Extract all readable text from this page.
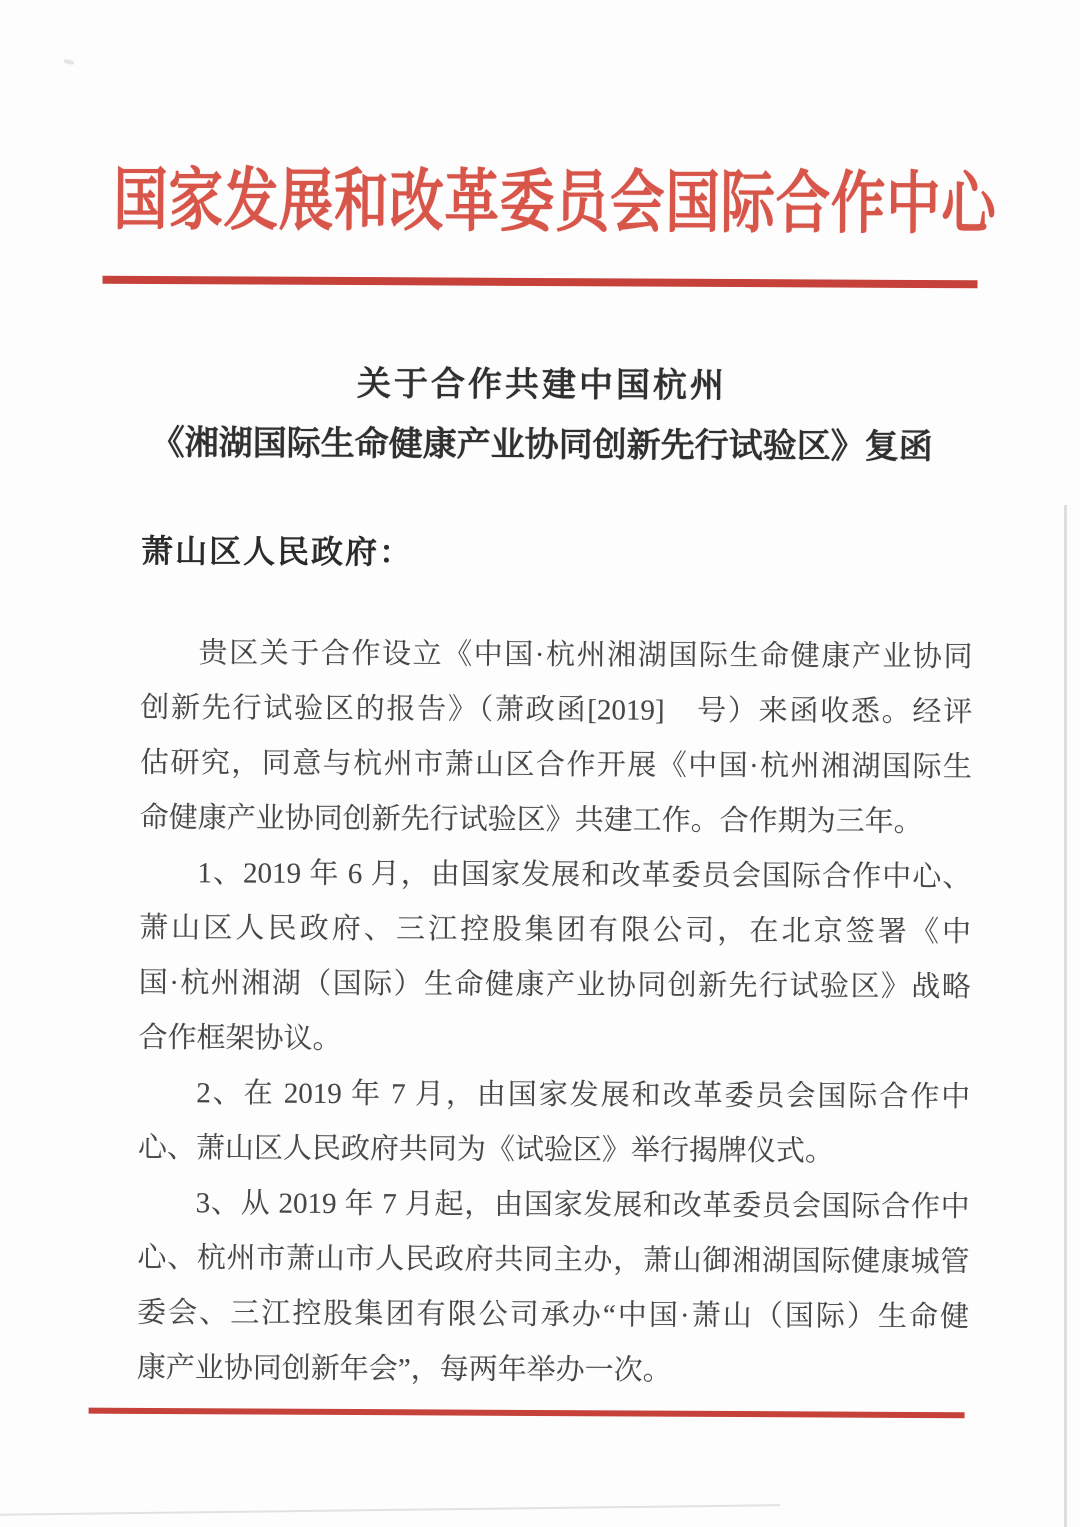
国家发展和改革委员会国际合作中心
关于合作共建中国杭州
《湘湖国际生命健康产业协同创新先行试验区》复函
萧山区人民政府：
贵区关于合作设立《中国·杭州湘湖国际生命健康产业协同
创新先行试验区的报告》（萧政函[2019]　号）来函收悉。经评
估研究，同意与杭州市萧山区合作开展《中国·杭州湘湖国际生
命健康产业协同创新先行试验区》共建工作。合作期为三年。
1、2019 年 6 月，由国家发展和改革委员会国际合作中心、
萧山区人民政府、三江控股集团有限公司，在北京签署《中
国·杭州湘湖（国际）生命健康产业协同创新先行试验区》战略
合作框架协议。
2、在 2019 年 7 月，由国家发展和改革委员会国际合作中
心、萧山区人民政府共同为《试验区》举行揭牌仪式。
3、从 2019 年 7 月起，由国家发展和改革委员会国际合作中
心、杭州市萧山市人民政府共同主办，萧山御湘湖国际健康城管
委会、三江控股集团有限公司承办“中国·萧山（国际）生命健
康产业协同创新年会”，每两年举办一次。
